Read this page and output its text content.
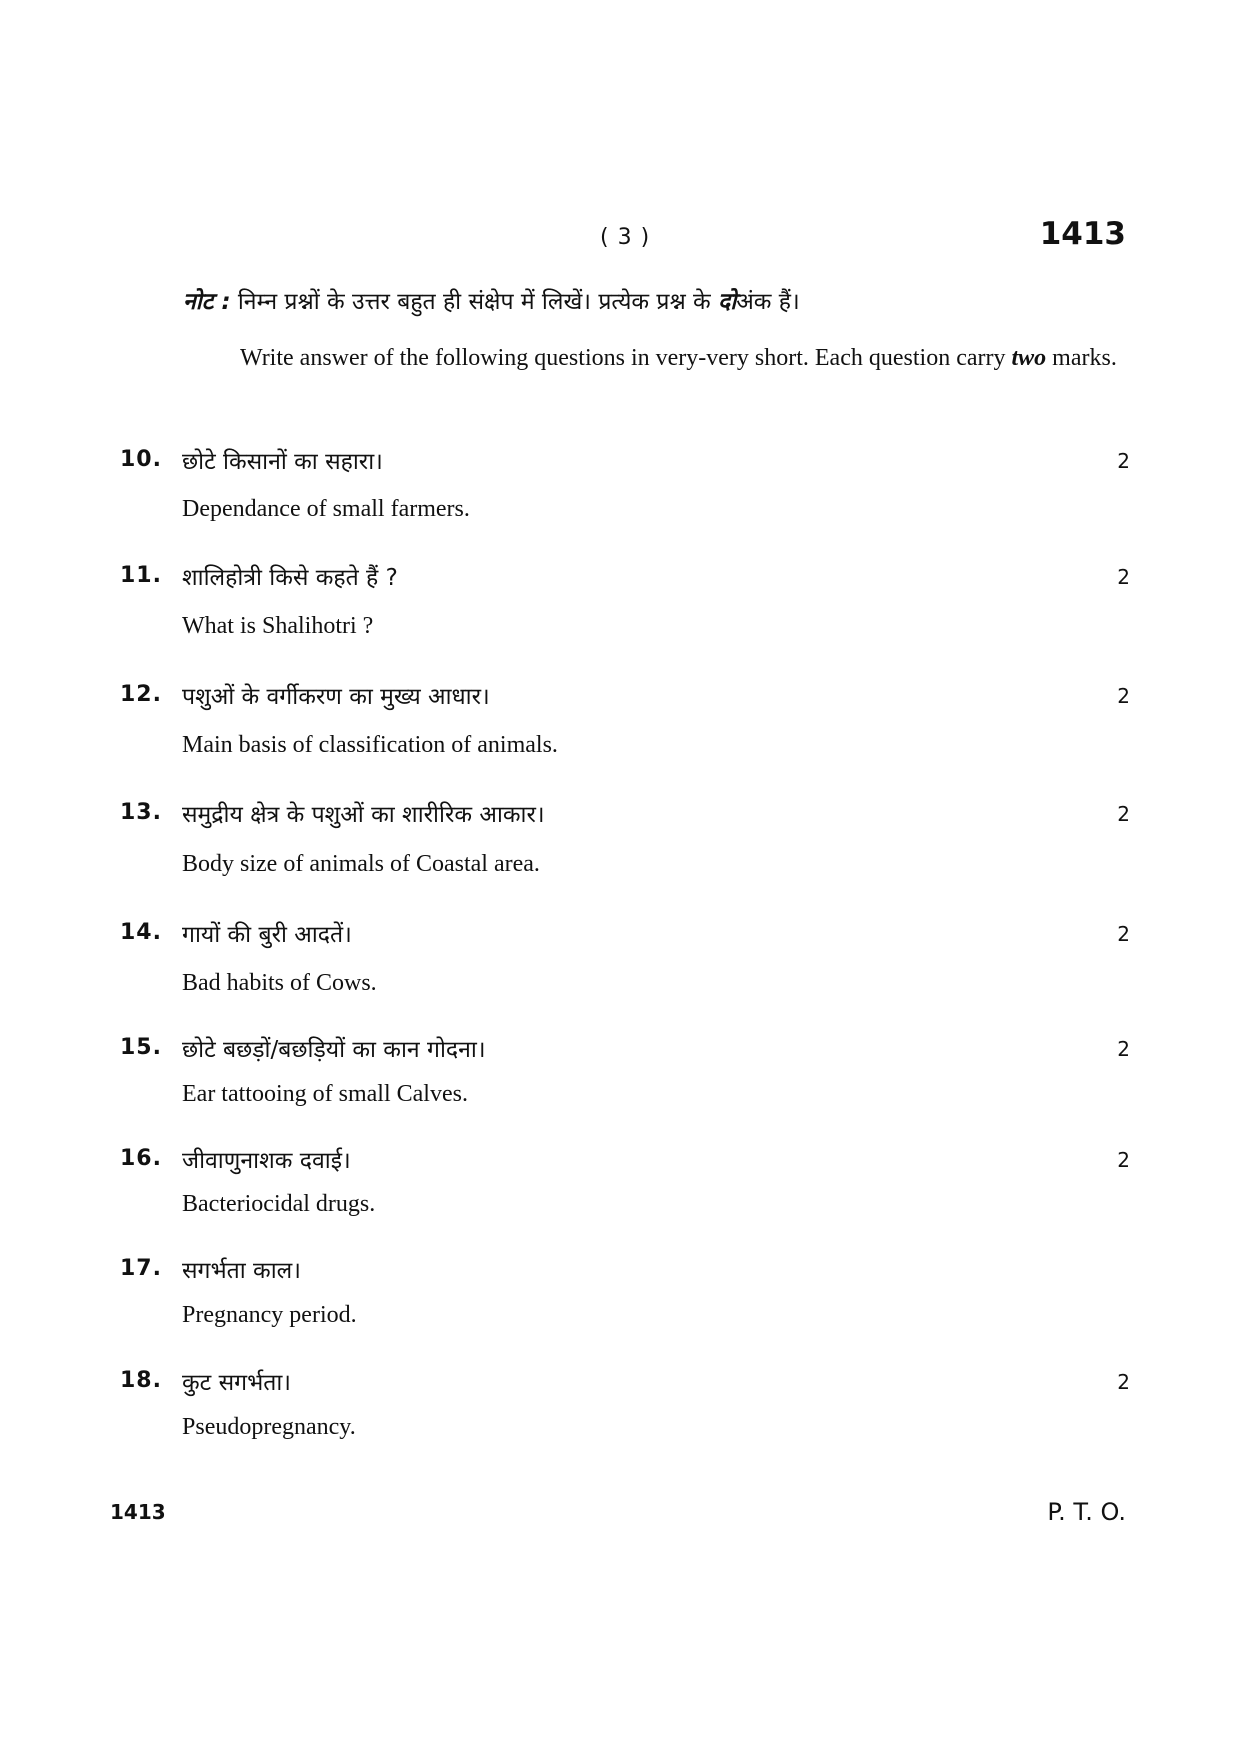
( 3 )	1413
नोट : निम्न प्रश्नों के उत्तर बहुत ही संक्षेप में लिखें। प्रत्येक प्रश्न के दोअंक हैं।
Write answer of the following questions in very-very short. Each question carry two marks.
10. छोटे किसानों का सहारा।	2
Dependance of small farmers.
11. शालिहोत्री किसे कहते हैं ?	2
What is Shalihotri ?
12. पशुओं के वर्गीकरण का मुख्य आधार।	2
Main basis of classification of animals.
13. समुद्रीय क्षेत्र के पशुओं का शारीरिक आकार।	2
Body size of animals of Coastal area.
14. गायों की बुरी आदतें।	2
Bad habits of Cows.
15. छोटे बछड़ों/बछड़ियों का कान गोदना।	2
Ear tattooing of small Calves.
16. जीवाणुनाशक दवाई।	2
Bacteriocidal drugs.
17. सगर्भता काल।
Pregnancy period.
18. कुट सगर्भता।	2
Pseudopregnancy.
1413	P. T. O.
